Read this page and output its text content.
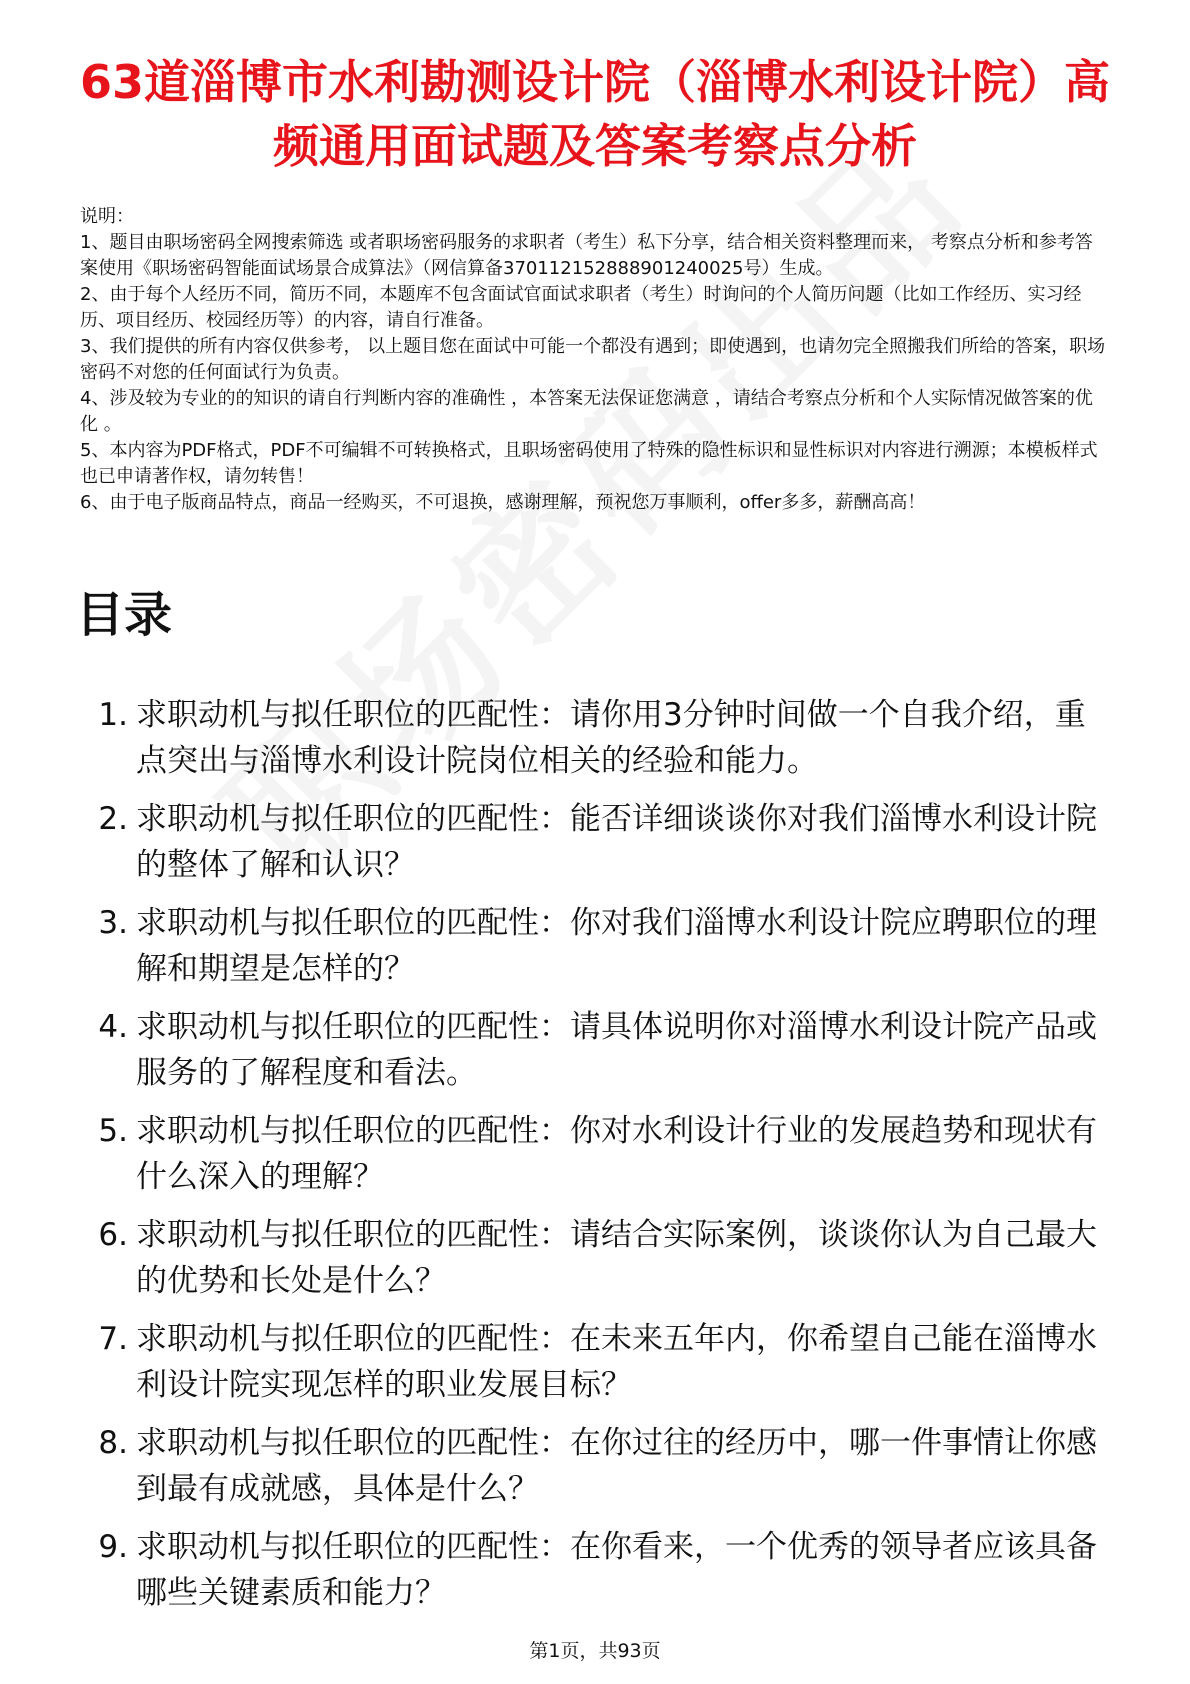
63道淄博市水利勘测设计院（淄博水利设计院）高频通用面试题及答案考察点分析

说明：

1、题目由职场密码全网搜索筛选 或者职场密码服务的求职者（考生）私下分享，结合相关资料整理而来， 考察点分析和参考答案使用《职场密码智能面试场景合成算法》（网信算备370112152888901240025号）生成。

2、由于每个人经历不同，简历不同，本题库不包含面试官面试求职者（考生）时询问的个人简历问题（比如工作经历、实习经历、项目经历、校园经历等）的内容，请自行准备。

3、我们提供的所有内容仅供参考， 以上题目您在面试中可能一个都没有遇到；即使遇到，也请勿完全照搬我们所给的答案，职场密码不对您的任何面试行为负责。

4、涉及较为专业的的知识的请自行判断内容的准确性 ，本答案无法保证您满意 ，请结合考察点分析和个人实际情况做答案的优化 。

5、本内容为PDF格式，PDF不可编辑不可转换格式，且职场密码使用了特殊的隐性标识和显性标识对内容进行溯源；本模板样式也已申请著作权，请勿转售！

6、由于电子版商品特点，商品一经购买，不可退换，感谢理解，预祝您万事顺利，offer多多，薪酬高高！

目录
1. 求职动机与拟任职位的匹配性：请你用3分钟时间做一个自我介绍，重点突出与淄博水利设计院岗位相关的经验和能力。
2. 求职动机与拟任职位的匹配性：能否详细谈谈你对我们淄博水利设计院的整体了解和认识？
3. 求职动机与拟任职位的匹配性：你对我们淄博水利设计院应聘职位的理解和期望是怎样的？
4. 求职动机与拟任职位的匹配性：请具体说明你对淄博水利设计院产品或服务的了解程度和看法。
5. 求职动机与拟任职位的匹配性：你对水利设计行业的发展趋势和现状有什么深入的理解？
6. 求职动机与拟任职位的匹配性：请结合实际案例，谈谈你认为自己最大的优势和长处是什么？
7. 求职动机与拟任职位的匹配性：在未来五年内，你希望自己能在淄博水利设计院实现怎样的职业发展目标？
8. 求职动机与拟任职位的匹配性：在你过往的经历中，哪一件事情让你感到最有成就感，具体是什么？
9. 求职动机与拟任职位的匹配性：在你看来，一个优秀的领导者应该具备哪些关键素质和能力？
第1页，共93页
